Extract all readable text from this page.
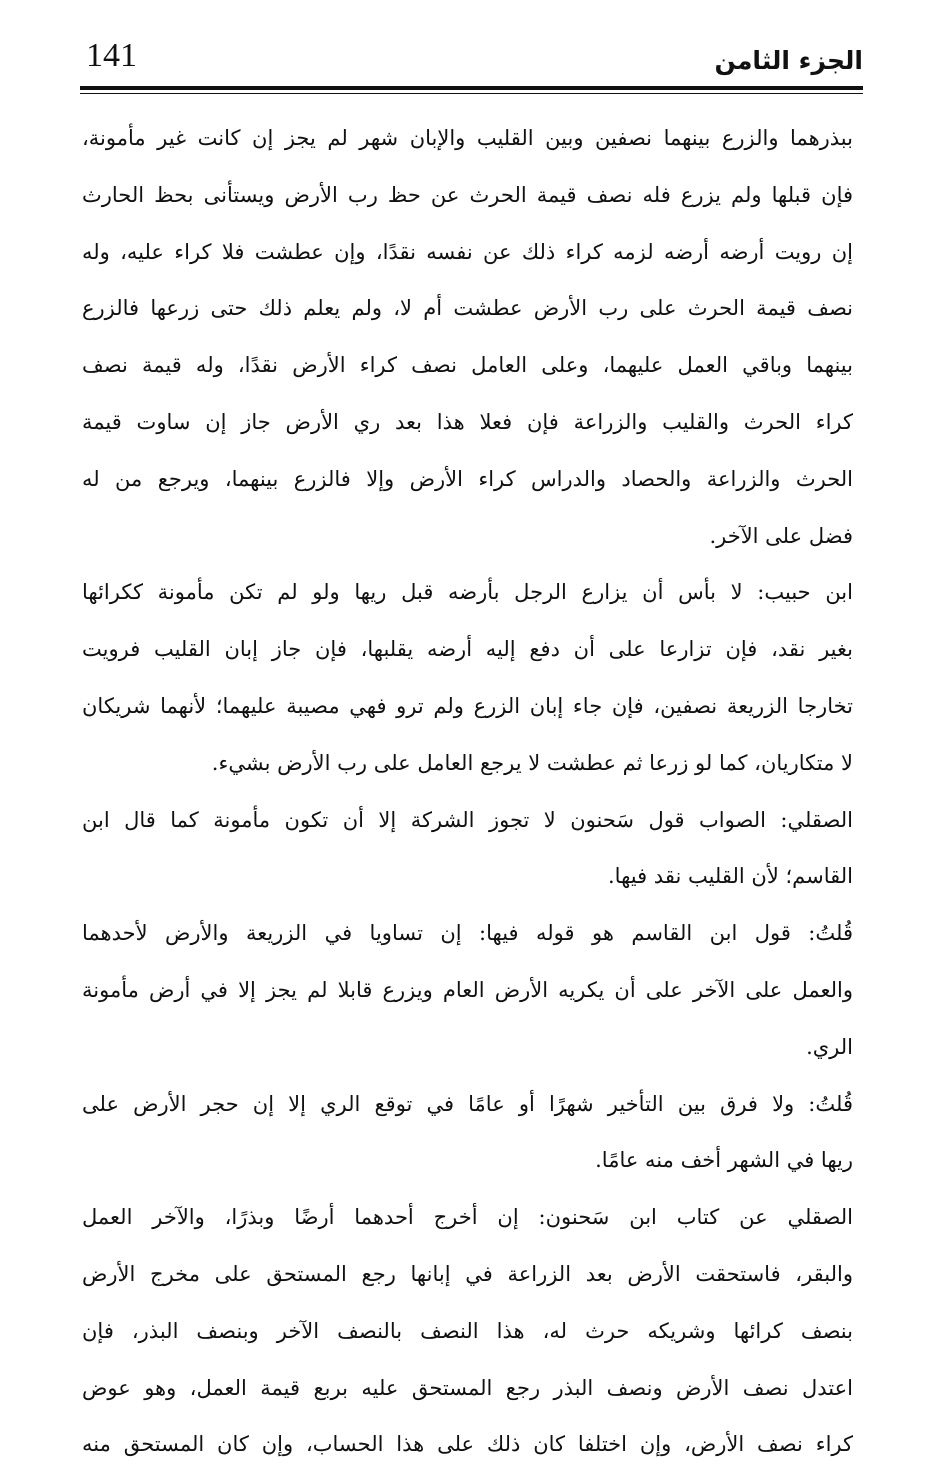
141	الجزء الثامن
ببذرهما والزرع بينهما نصفين وبين القليب والإبان شهر لم يجز إن كانت غير مأمونة،
فإن قبلها ولم يزرع فله نصف قيمة الحرث عن حظ رب الأرض ويستأنى بحظ الحارث
إن رويت أرضه أرضه لزمه كراء ذلك عن نفسه نقدًا، وإن عطشت فلا كراء عليه، وله
نصف قيمة الحرث على رب الأرض عطشت أم لا، ولم يعلم ذلك حتى زرعها فالزرع
بينهما وباقي العمل عليهما، وعلى العامل نصف كراء الأرض نقدًا، وله قيمة نصف
كراء الحرث والقليب والزراعة فإن فعلا هذا بعد ري الأرض جاز إن ساوت قيمة
الحرث والزراعة والحصاد والدراس كراء الأرض وإلا فالزرع بينهما، ويرجع من له
فضل على الآخر.
ابن حبيب: لا بأس أن يزارع الرجل بأرضه قبل ريها ولو لم تكن مأمونة ككرائها
بغير نقد، فإن تزارعا على أن دفع إليه أرضه يقلبها، فإن جاز إبان القليب فرويت
تخارجا الزريعة نصفين، فإن جاء إبان الزرع ولم ترو فهي مصيبة عليهما؛ لأنهما شريكان
لا متكاريان، كما لو زرعا ثم عطشت لا يرجع العامل على رب الأرض بشيء.
الصقلي: الصواب قول سَحنون لا تجوز الشركة إلا أن تكون مأمونة كما قال ابن
القاسم؛ لأن القليب نقد فيها.
قُلتُ: قول ابن القاسم هو قوله فيها: إن تساويا في الزريعة والأرض لأحدهما
والعمل على الآخر على أن يكريه الأرض العام ويزرع قابلا لم يجز إلا في أرض مأمونة
الري.
قُلتُ: ولا فرق بين التأخير شهرًا أو عامًا في توقع الري إلا إن حجر الأرض على
ريها في الشهر أخف منه عامًا.
الصقلي عن كتاب ابن سَحنون: إن أخرج أحدهما أرضًا وبذرًا، والآخر العمل
والبقر، فاستحقت الأرض بعد الزراعة في إبانها رجع المستحق على مخرج الأرض
بنصف كرائها وشريكه حرث له، هذا النصف بالنصف الآخر وبنصف البذر، فإن
اعتدل نصف الأرض ونصف البذر رجع المستحق عليه بربع قيمة العمل، وهو عوض
كراء نصف الأرض، وإن اختلفا كان ذلك على هذا الحساب، وإن كان المستحق منه
